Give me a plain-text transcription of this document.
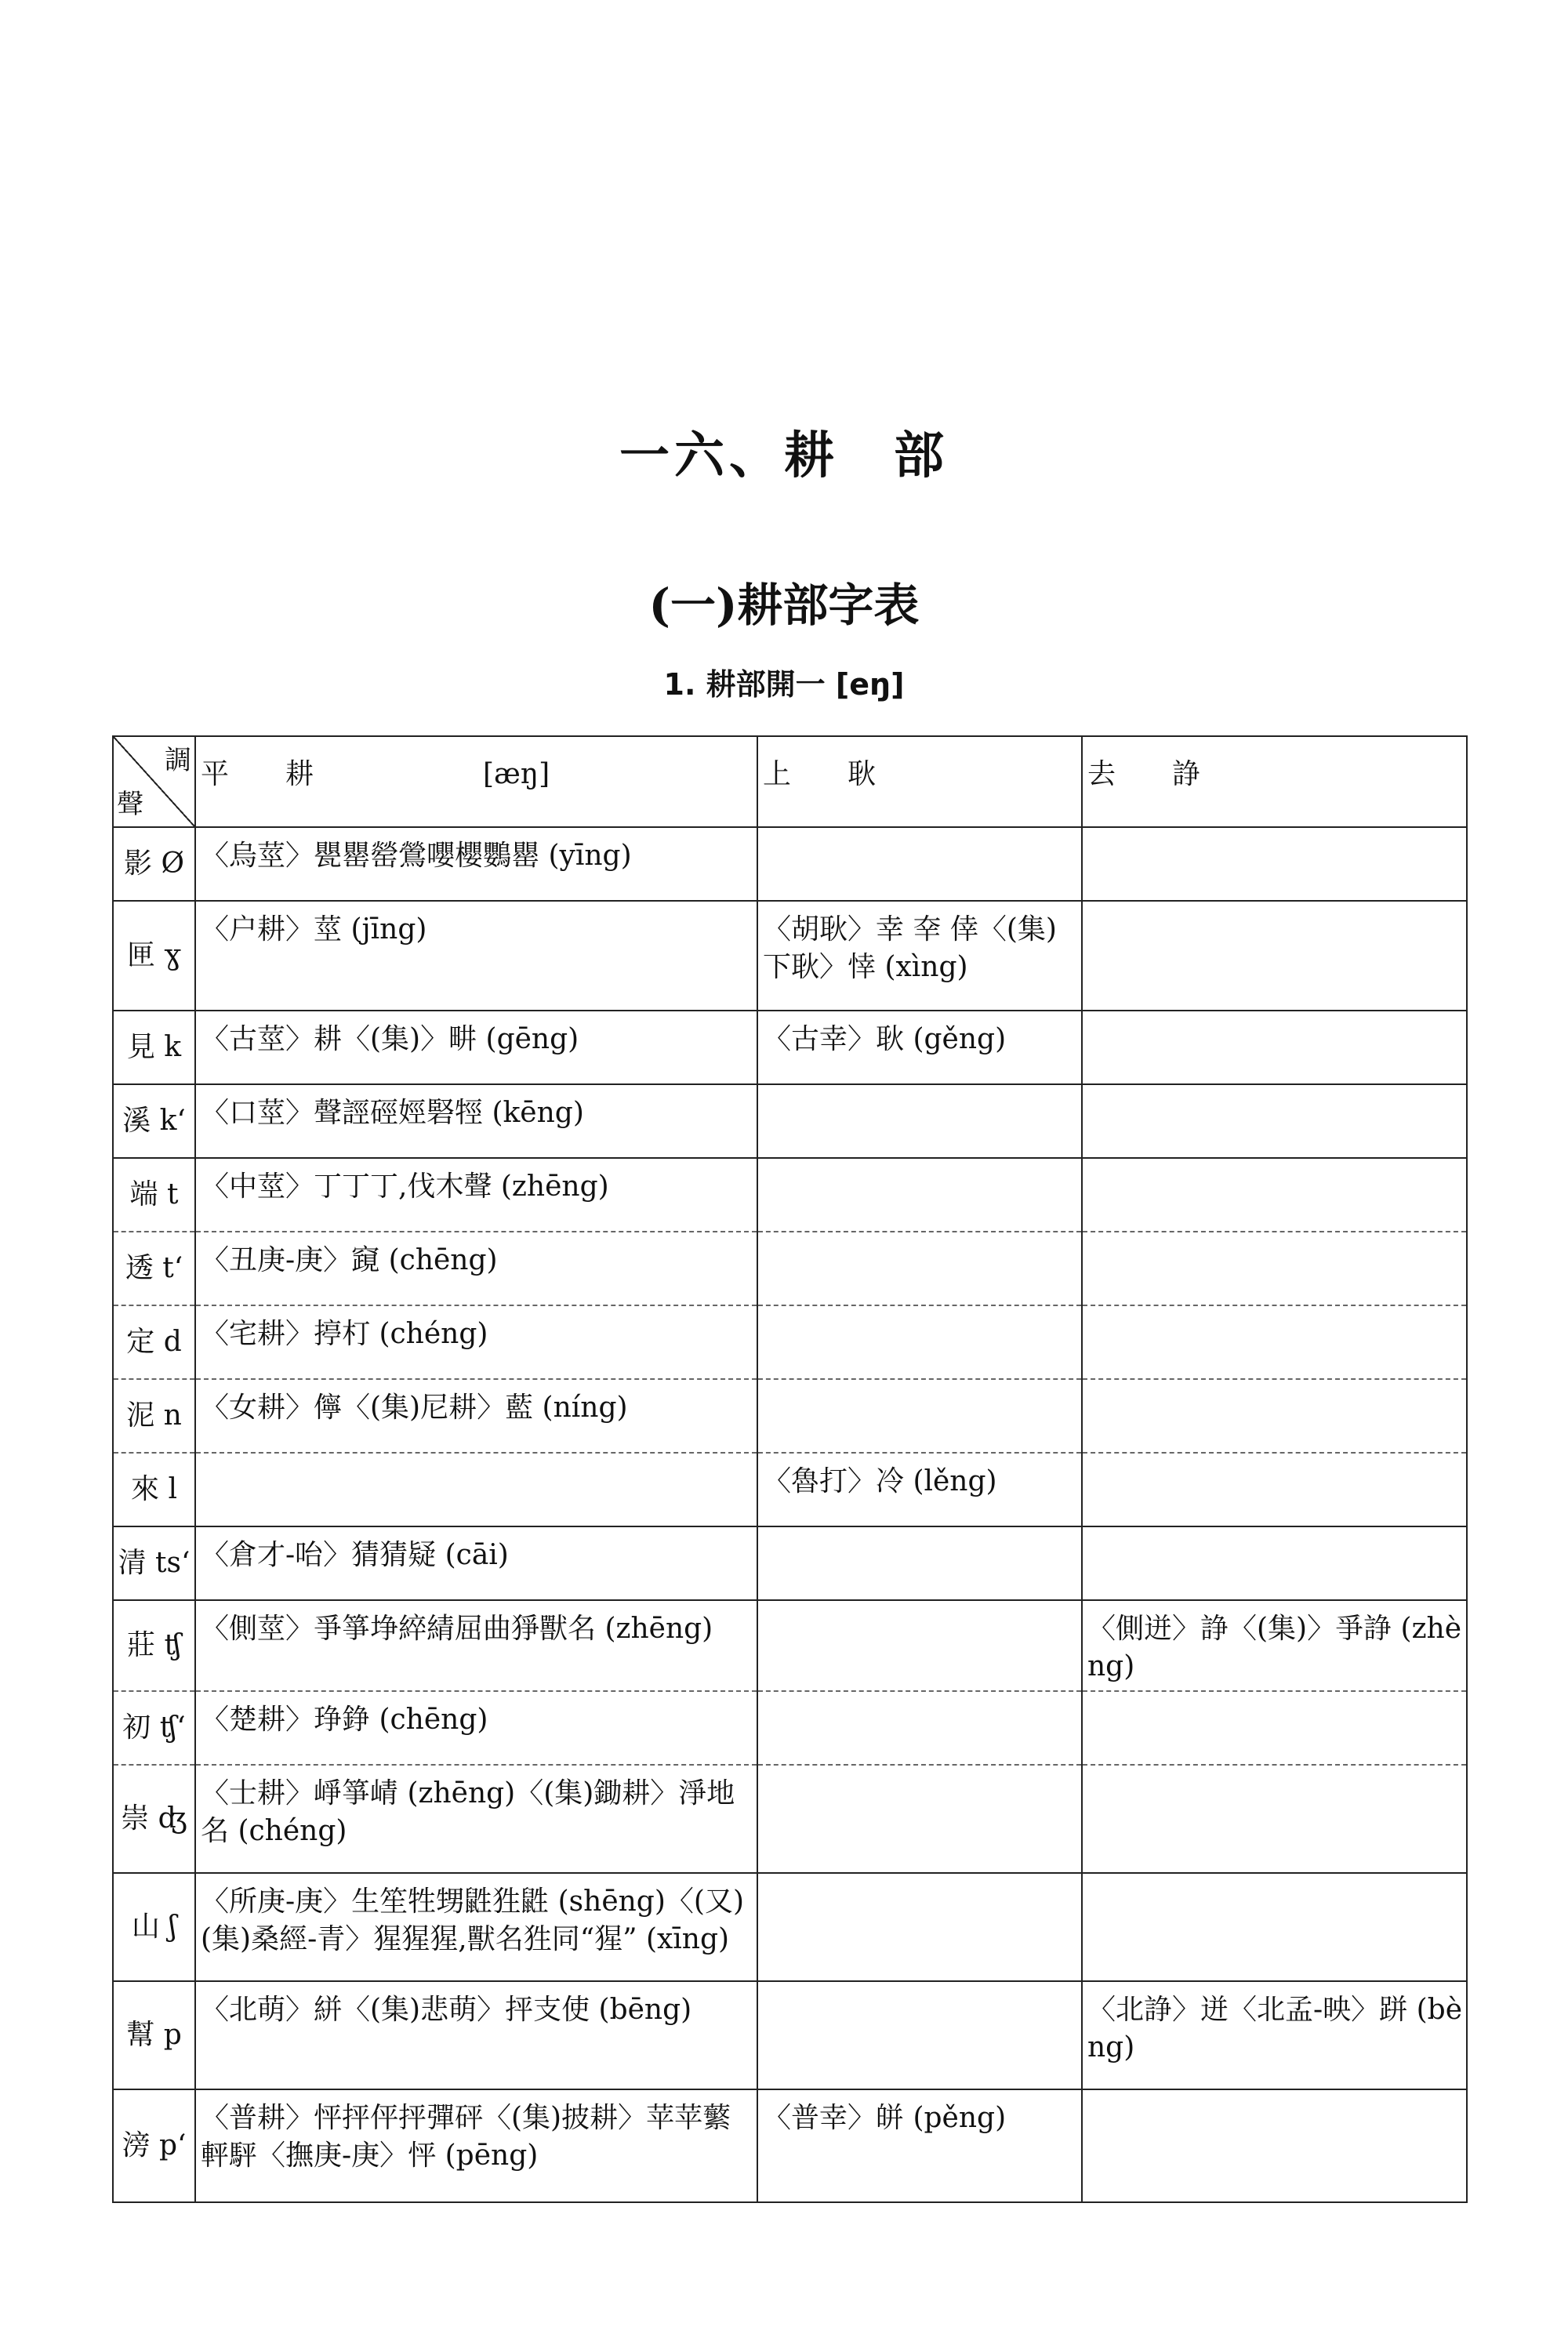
一六、耕　部
(一)耕部字表
1. 耕部開一 [eŋ]
調
聲	平　　耕　　　　　　[æŋ]	上　　耿	去　　諍
影 Ø	〈烏莖〉甖罌罃鶯嚶櫻鸚罌 (yīng)		
匣 ɣ	〈户耕〉莖 (jīng)	〈胡耿〉幸 㚔 倖〈(集)下耿〉悻 (xìng)	
見 k	〈古莖〉耕〈(集)〉畊 (gēng)	〈古幸〉耿 (gěng)	
溪 k‘	〈口莖〉聲誙硜娙硻牼 (kēng)		
端 t	〈中莖〉丁丁丁,伐木聲 (zhēng)		
透 t‘	〈丑庚-庚〉竀 (chēng)		
定 d	〈宅耕〉揨朾 (chéng)		
泥 n	〈女耕〉儜〈(集)尼耕〉藍 (níng)		
來 l		〈魯打〉冷 (lěng)	
清 ts‘	〈倉才-咍〉猜猜疑 (cāi)		
莊 ʧ	〈側莖〉爭箏埩綷綪屈曲猙獸名 (zhēng)		〈側迸〉諍〈(集)〉爭諍 (zhèng)
初 ʧ‘	〈楚耕〉琤錚 (chēng)		
崇 ʤ	〈士耕〉崢箏崝 (zhēng)〈(集)鋤耕〉淨地名 (chéng)		
山 ʃ	〈所庚-庚〉生笙牲甥鼪狌鼪 (shēng)〈(又)(集)桑經-青〉猩猩猩,獸名狌同“猩” (xīng)		
幫 p	〈北萌〉絣〈(集)悲萌〉抨支使 (bēng)		〈北諍〉迸〈北孟-映〉跰 (bèng)
滂 p‘	〈普耕〉怦抨伻抨彈砰〈(集)披耕〉苹苹蘩軯駍〈撫庚-庚〉怦 (pēng)	〈普幸〉皏 (pěng)	
